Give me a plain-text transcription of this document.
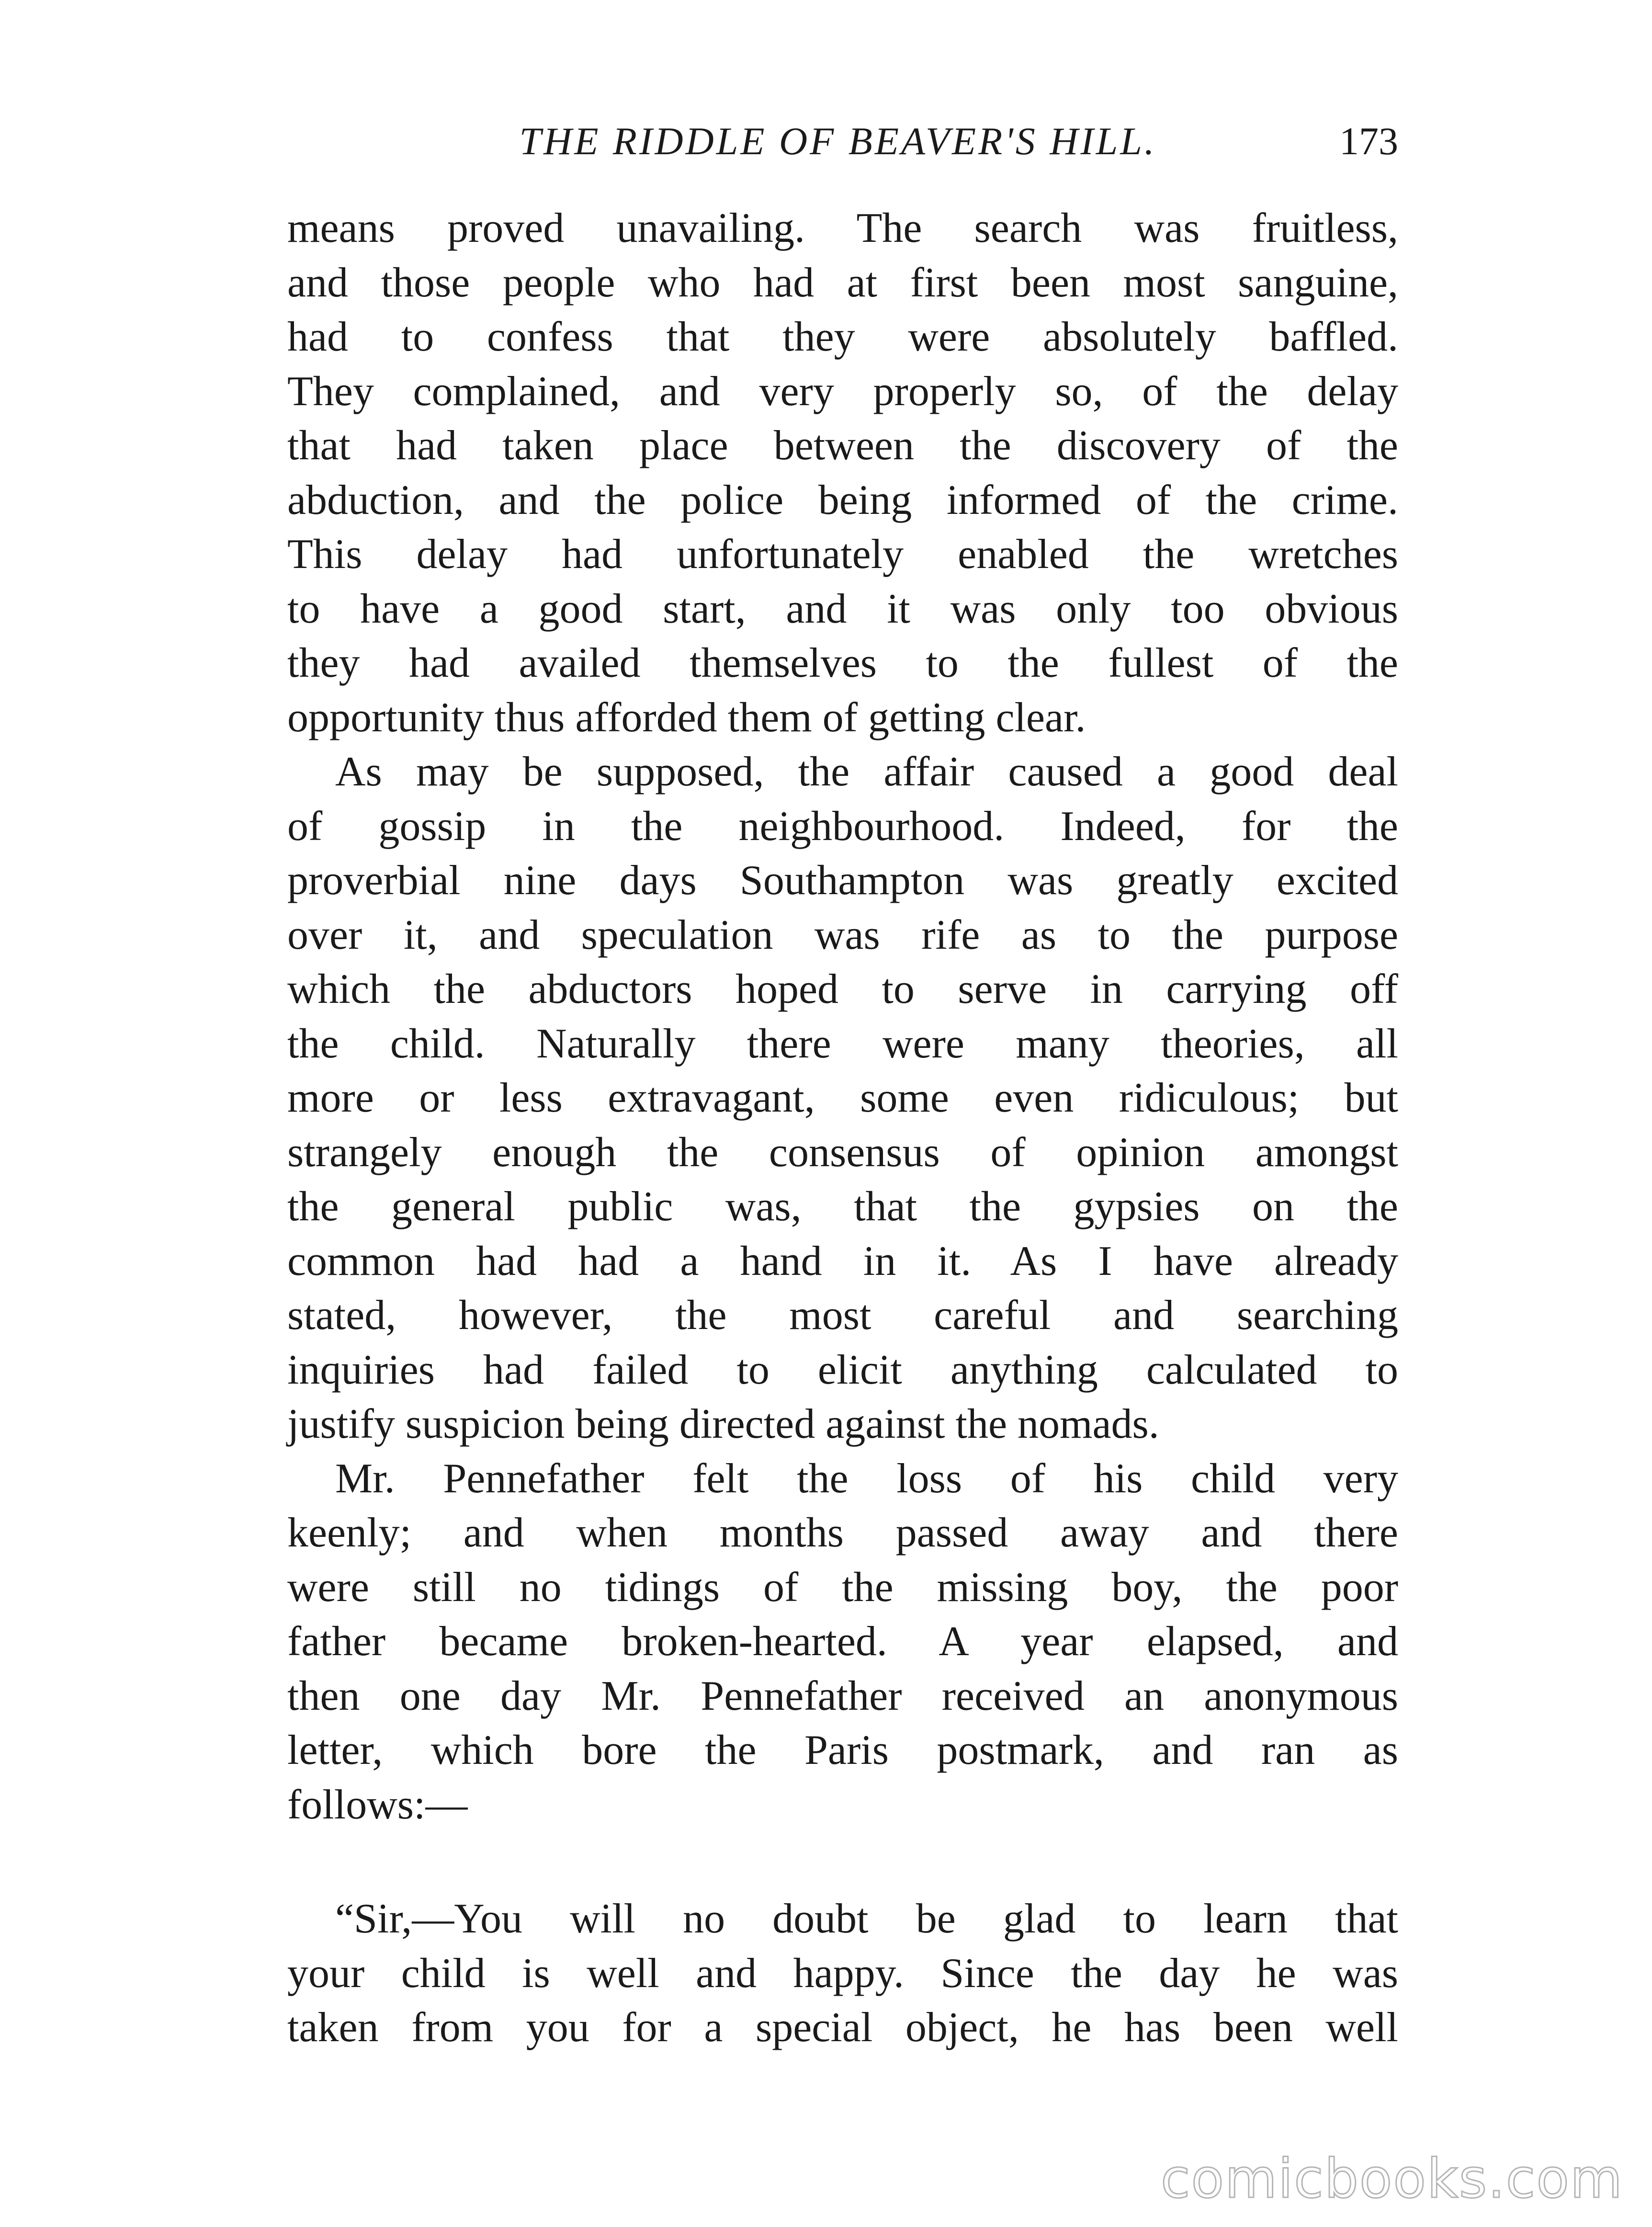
THE RIDDLE OF BEAVER'S HILL.	173

means proved unavailing. The search was fruitless,
and those people who had at first been most sanguine,
had to confess that they were absolutely baffled.
They complained, and very properly so, of the delay
that had taken place between the discovery of the
abduction, and the police being informed of the crime.
This delay had unfortunately enabled the wretches
to have a good start, and it was only too obvious
they had availed themselves to the fullest of the
opportunity thus afforded them of getting clear.

As may be supposed, the affair caused a good deal
of gossip in the neighbourhood. Indeed, for the
proverbial nine days Southampton was greatly excited
over it, and speculation was rife as to the purpose
which the abductors hoped to serve in carrying off
the child. Naturally there were many theories, all
more or less extravagant, some even ridiculous; but
strangely enough the consensus of opinion amongst
the general public was, that the gypsies on the
common had had a hand in it. As I have already
stated, however, the most careful and searching
inquiries had failed to elicit anything calculated to
justify suspicion being directed against the nomads.

Mr. Pennefather felt the loss of his child very
keenly; and when months passed away and there
were still no tidings of the missing boy, the poor
father became broken-hearted. A year elapsed, and
then one day Mr. Pennefather received an anonymous
letter, which bore the Paris postmark, and ran as
follows:—

“Sir,—You will no doubt be glad to learn that
your child is well and happy. Since the day he was
taken from you for a special object, he has been well

comicbooks.com
